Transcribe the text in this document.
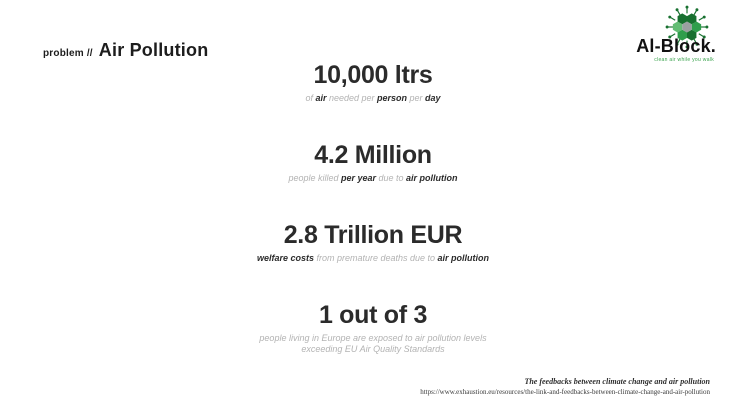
problem // Air Pollution	Al-Block.
clean air while you walk
10,000 ltrs
of air needed per person per day
4.2 Million
people killed per year due to air pollution
2.8 Trillion EUR
welfare costs from premature deaths due to air pollution
1 out of 3
people living in Europe are exposed to air pollution levels exceeding EU Air Quality Standards
The feedbacks between climate change and air pollution
https://www.exhaustion.eu/resources/the-link-and-feedbacks-between-climate-change-and-air-pollution
